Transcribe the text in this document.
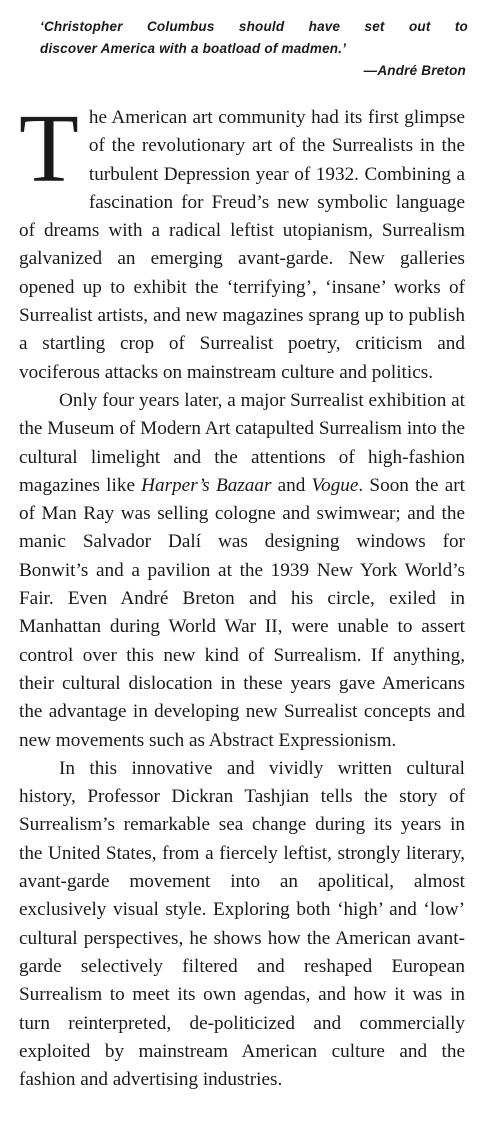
‘Christopher Columbus should have set out to
discover America with a boatload of madmen.’
—André Breton

The American art community had its first glimpse of the revolutionary art of the Surrealists in the turbulent Depression year of 1932. Combining a fascination for Freud’s new symbolic language of dreams with a radical leftist utopianism, Surrealism galvanized an emerging avant-garde. New galleries opened up to exhibit the ‘terrifying’, ‘insane’ works of Surrealist artists, and new magazines sprang up to publish a startling crop of Surrealist poetry, criticism and vociferous attacks on mainstream culture and politics.

Only four years later, a major Surrealist exhibition at the Museum of Modern Art catapulted Surrealism into the cultural limelight and the attentions of high-fashion magazines like Harper’s Bazaar and Vogue. Soon the art of Man Ray was selling cologne and swimwear; and the manic Salvador Dalí was designing windows for Bonwit’s and a pavilion at the 1939 New York World’s Fair. Even André Breton and his circle, exiled in Manhattan during World War II, were unable to assert control over this new kind of Surrealism. If anything, their cultural dislocation in these years gave Americans the advantage in developing new Surrealist concepts and new movements such as Abstract Expressionism.

In this innovative and vividly written cultural history, Professor Dickran Tashjian tells the story of Surrealism’s remarkable sea change during its years in the United States, from a fiercely leftist, strongly literary, avant-garde movement into an apolitical, almost exclusively visual style. Exploring both ‘high’ and ‘low’ cultural perspectives, he shows how the American avant-garde selectively filtered and reshaped European Surrealism to meet its own agendas, and how it was in turn reinterpreted, de-politicized and commercially exploited by mainstream American culture and the fashion and advertising industries.
